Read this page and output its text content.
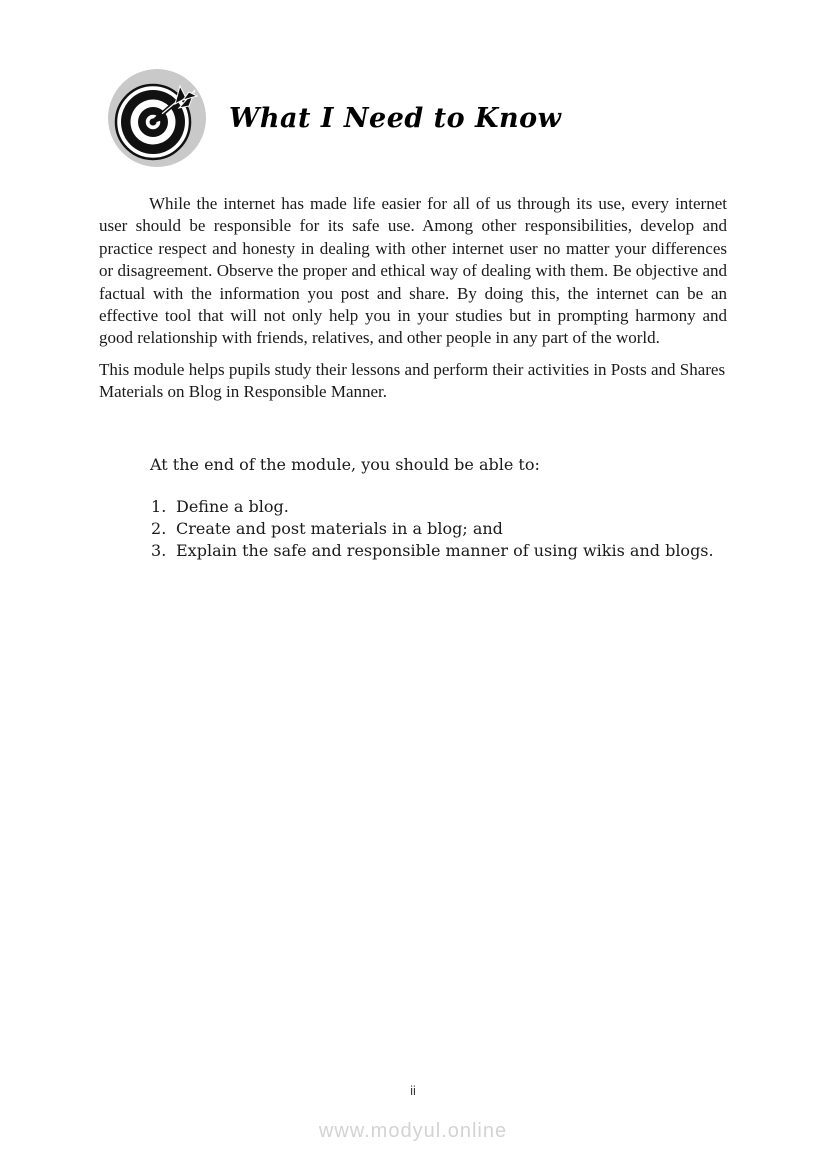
What I Need to Know

While the internet has made life easier for all of us through its use, every internet user should be responsible for its safe use. Among other responsibilities, develop and practice respect and honesty in dealing with other internet user no matter your differences or disagreement. Observe the proper and ethical way of dealing with them. Be objective and factual with the information you post and share. By doing this, the internet can be an effective tool that will not only help you in your studies but in prompting harmony and good relationship with friends, relatives, and other people in any part of the world.

This module helps pupils study their lessons and perform their activities in Posts and Shares Materials on Blog in Responsible Manner.

At the end of the module, you should be able to:

Define a blog.
Create and post materials in a blog; and
Explain the safe and responsible manner of using wikis and blogs.
ii
www.modyul.online
